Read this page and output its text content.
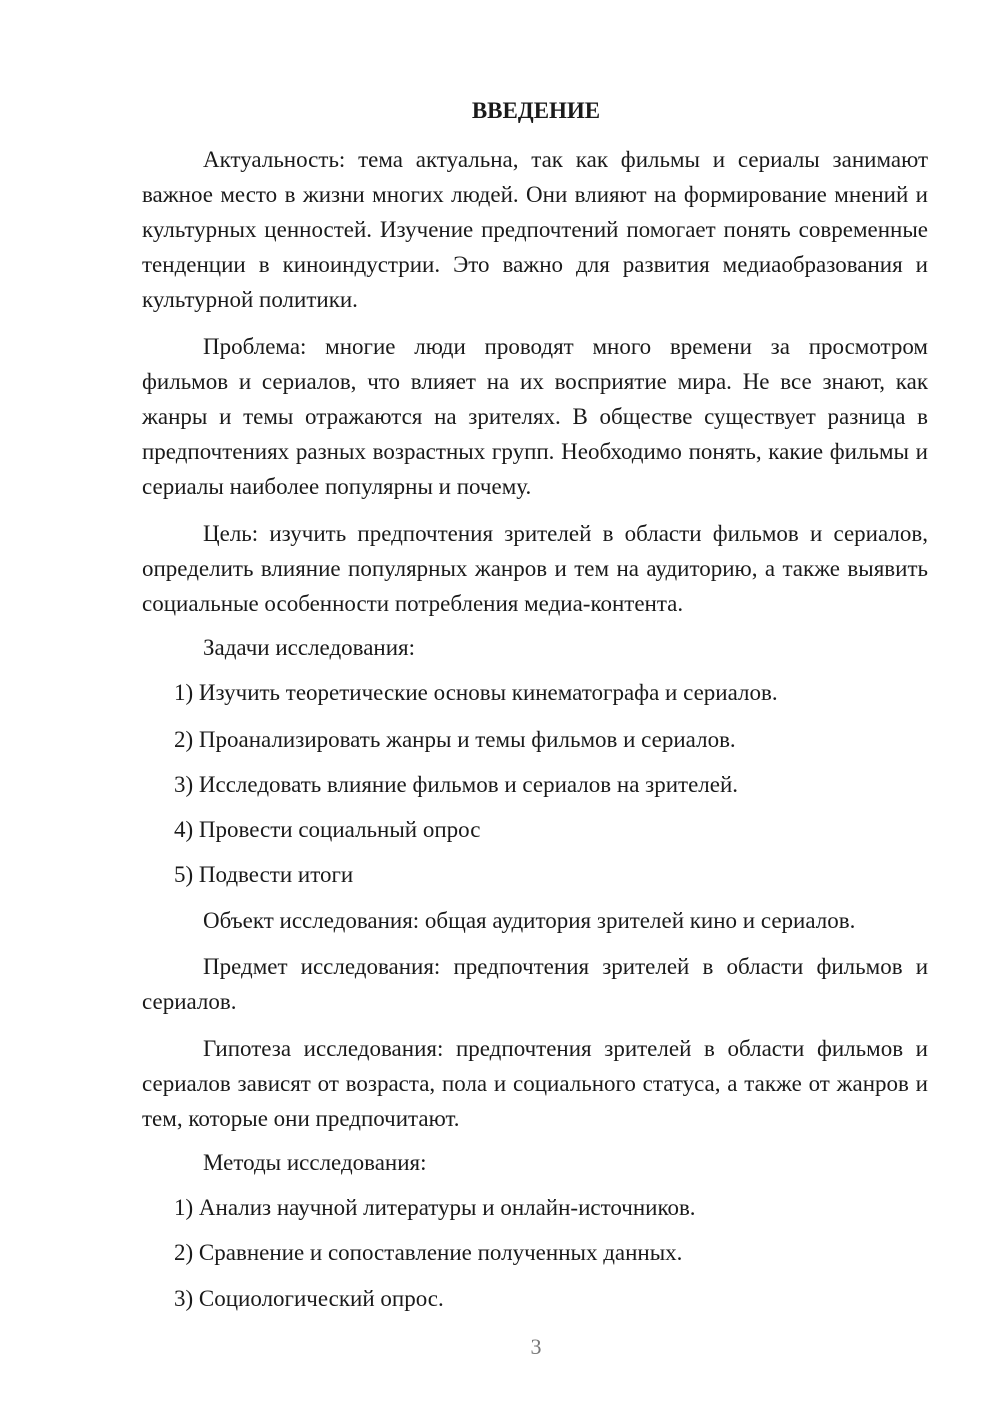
ВВЕДЕНИЕ

Актуальность: тема актуальна, так как фильмы и сериалы занимают важное место в жизни многих людей. Они влияют на формирование мнений и культурных ценностей. Изучение предпочтений помогает понять современные тенденции в киноиндустрии. Это важно для развития медиаобразования и культурной политики.

Проблема: многие люди проводят много времени за просмотром фильмов и сериалов, что влияет на их восприятие мира. Не все знают, как жанры и темы отражаются на зрителях. В обществе существует разница в предпочтениях разных возрастных групп. Необходимо понять, какие фильмы и сериалы наиболее популярны и почему.

Цель: изучить предпочтения зрителей в области фильмов и сериалов, определить влияние популярных жанров и тем на аудиторию, а также выявить социальные особенности потребления медиа-контента.

Задачи исследования:
1) Изучить теоретические основы кинематографа и сериалов.
2) Проанализировать жанры и темы фильмов и сериалов.
3) Исследовать влияние фильмов и сериалов на зрителей.
4) Провести социальный опрос
5) Подвести итоги
Объект исследования: общая аудитория зрителей кино и сериалов.

Предмет исследования: предпочтения зрителей в области фильмов и сериалов.

Гипотеза исследования: предпочтения зрителей в области фильмов и сериалов зависят от возраста, пола и социального статуса, а также от жанров и тем, которые они предпочитают.

Методы исследования:
1) Анализ научной литературы и онлайн-источников.
2) Сравнение и сопоставление полученных данных.
3) Социологический опрос.
3
